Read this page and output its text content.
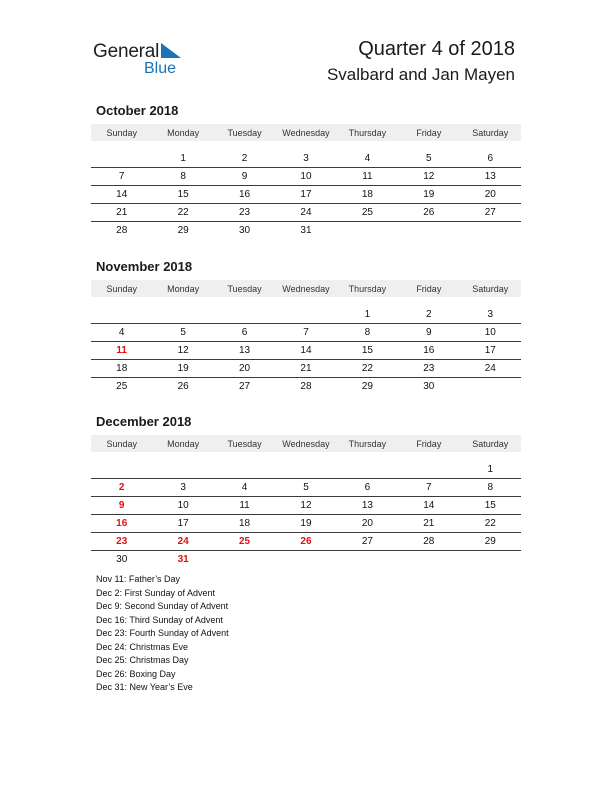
General
Blue
Quarter 4 of 2018
Svalbard and Jan Mayen
October 2018
Sunday	Monday	Tuesday	Wednesday	Thursday	Friday	Saturday

	1	2	3	4	5	6
7	8	9	10	11	12	13
14	15	16	17	18	19	20
21	22	23	24	25	26	27
28	29	30	31			
November 2018
Sunday	Monday	Tuesday	Wednesday	Thursday	Friday	Saturday

				1	2	3
4	5	6	7	8	9	10
11	12	13	14	15	16	17
18	19	20	21	22	23	24
25	26	27	28	29	30	
December 2018
Sunday	Monday	Tuesday	Wednesday	Thursday	Friday	Saturday

						1
2	3	4	5	6	7	8
9	10	11	12	13	14	15
16	17	18	19	20	21	22
23	24	25	26	27	28	29
30	31					
Nov 11: Father’s Day
Dec 2: First Sunday of Advent
Dec 9: Second Sunday of Advent
Dec 16: Third Sunday of Advent
Dec 23: Fourth Sunday of Advent
Dec 24: Christmas Eve
Dec 25: Christmas Day
Dec 26: Boxing Day
Dec 31: New Year’s Eve
